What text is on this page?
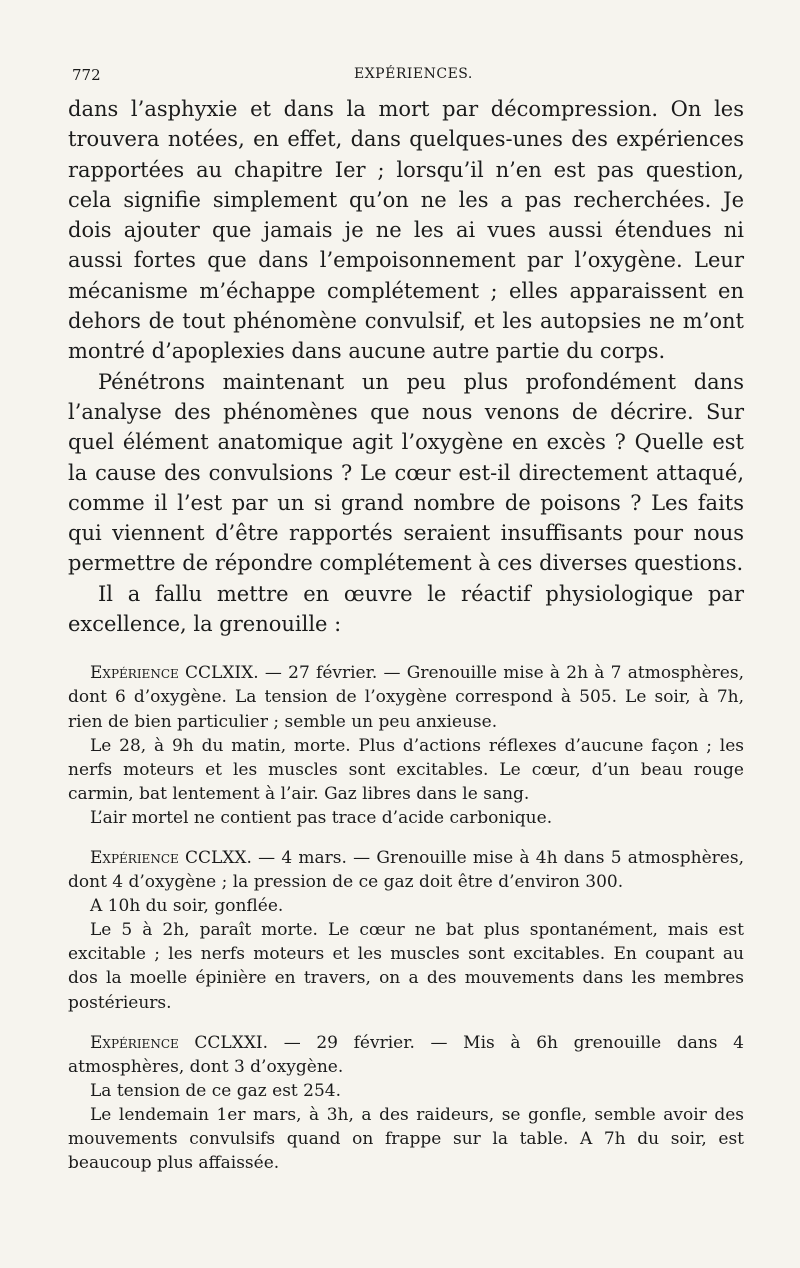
772	EXPÉRIENCES.

dans l’asphyxie et dans la mort par décompression. On les trouvera notées, en effet, dans quelques-unes des expériences rapportées au chapitre Ier ; lorsqu’il n’en est pas question, cela signifie simplement qu’on ne les a pas recherchées. Je dois ajouter que jamais je ne les ai vues aussi étendues ni aussi fortes que dans l’empoisonnement par l’oxygène. Leur mécanisme m’échappe complétement ; elles apparaissent en dehors de tout phénomène convulsif, et les autopsies ne m’ont montré d’apoplexies dans aucune autre partie du corps.

Pénétrons maintenant un peu plus profondément dans l’analyse des phénomènes que nous venons de décrire. Sur quel élément anatomique agit l’oxygène en excès ? Quelle est la cause des convulsions ? Le cœur est-il directement attaqué, comme il l’est par un si grand nombre de poisons ? Les faits qui viennent d’être rapportés seraient insuffisants pour nous permettre de répondre complétement à ces diverses questions.

Il a fallu mettre en œuvre le réactif physiologique par excellence, la grenouille :

Expérience CCLXIX. — 27 février. — Grenouille mise à 2h à 7 atmosphères, dont 6 d’oxygène. La tension de l’oxygène correspond à 505. Le soir, à 7h, rien de bien particulier ; semble un peu anxieuse.

Le 28, à 9h du matin, morte. Plus d’actions réflexes d’aucune façon ; les nerfs moteurs et les muscles sont excitables. Le cœur, d’un beau rouge carmin, bat lentement à l’air. Gaz libres dans le sang.

L’air mortel ne contient pas trace d’acide carbonique.

Expérience CCLXX. — 4 mars. — Grenouille mise à 4h dans 5 atmosphères, dont 4 d’oxygène ; la pression de ce gaz doit être d’environ 300.

A 10h du soir, gonflée.

Le 5 à 2h, paraît morte. Le cœur ne bat plus spontanément, mais est excitable ; les nerfs moteurs et les muscles sont excitables. En coupant au dos la moelle épinière en travers, on a des mouvements dans les membres postérieurs.

Expérience CCLXXI. — 29 février. — Mis à 6h grenouille dans 4 atmosphères, dont 3 d’oxygène.

La tension de ce gaz est 254.

Le lendemain 1er mars, à 3h, a des raideurs, se gonfle, semble avoir des mouvements convulsifs quand on frappe sur la table. A 7h du soir, est beaucoup plus affaissée.
